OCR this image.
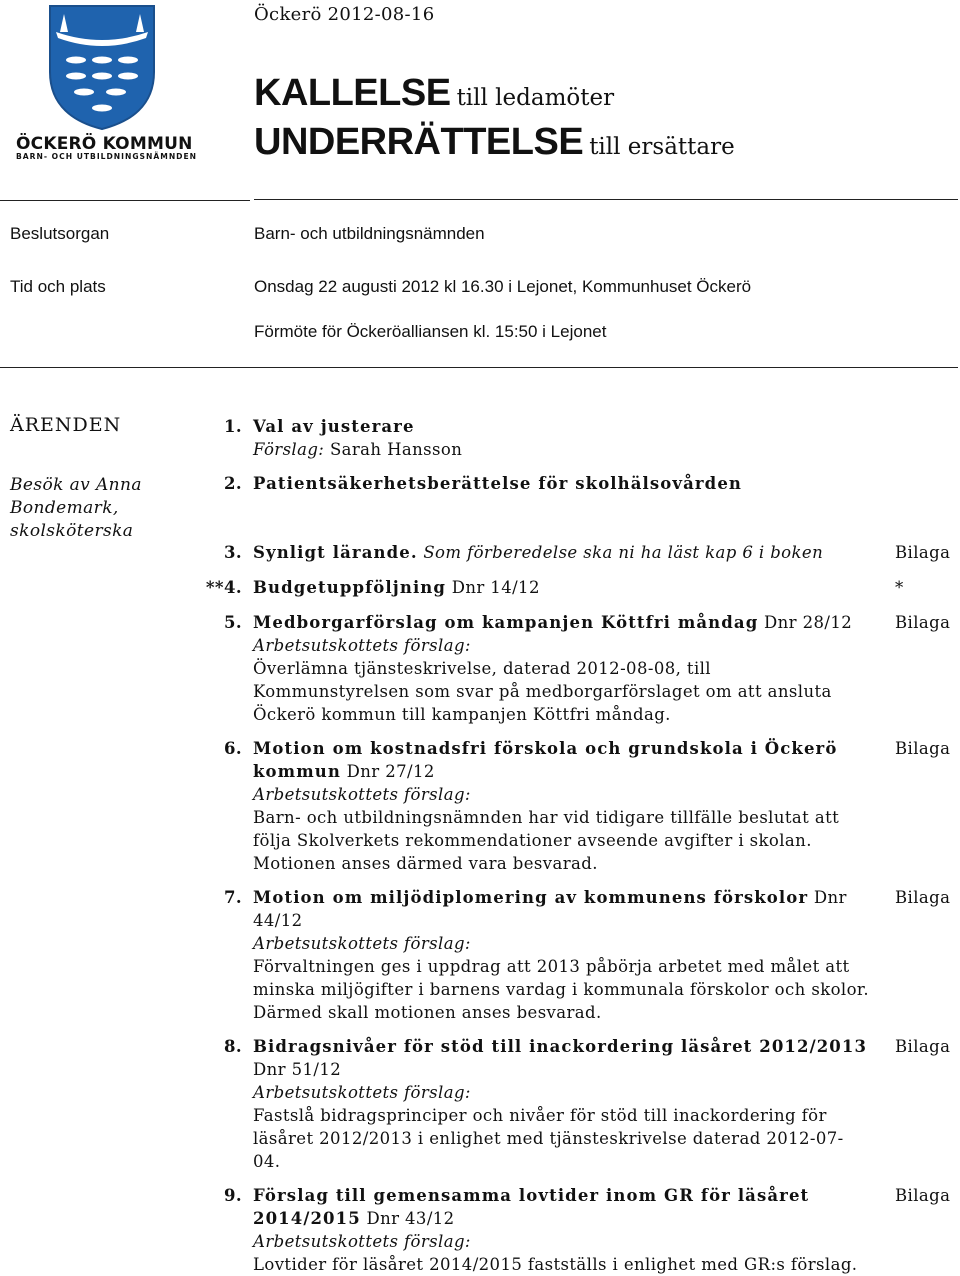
ÖCKERÖ KOMMUN
BARN- OCH UTBILDNINGSNÄMNDEN
Öckerö 2012-08-16
KALLELSE till ledamöter
UNDERRÄTTELSE till ersättare
Beslutsorgan	Barn- och utbildningsnämnden
Tid och plats	Onsdag 22 augusti 2012 kl 16.30 i Lejonet, Kommunhuset Öckerö
Förmöte för Öckeröalliansen kl. 15:50 i Lejonet
ÄRENDEN
Besök av Anna Bondemark, skolsköterska
1. Val av justerare
Förslag: Sarah Hansson
2. Patientsäkerhetsberättelse för skolhälsovården
3. Synligt lärande. Som förberedelse ska ni ha läst kap 6 i boken	Bilaga
**4. Budgetuppföljning Dnr 14/12	*
5. Medborgarförslag om kampanjen Köttfri måndag Dnr 28/12
Arbetsutskottets förslag:
Överlämna tjänsteskrivelse, daterad 2012-08-08, till
Kommunstyrelsen som svar på medborgarförslaget om att ansluta
Öckerö kommun till kampanjen Köttfri måndag.
Bilaga
6. Motion om kostnadsfri förskola och grundskola i Öckerö
kommun Dnr 27/12
Arbetsutskottets förslag:
Barn- och utbildningsnämnden har vid tidigare tillfälle beslutat att
följa Skolverkets rekommendationer avseende avgifter i skolan.
Motionen anses därmed vara besvarad.
Bilaga
7. Motion om miljödiplomering av kommunens förskolor Dnr
44/12
Arbetsutskottets förslag:
Förvaltningen ges i uppdrag att 2013 påbörja arbetet med målet att
minska miljögifter i barnens vardag i kommunala förskolor och skolor.
Därmed skall motionen anses besvarad.
Bilaga
8. Bidragsnivåer för stöd till inackordering läsåret 2012/2013
Dnr 51/12
Arbetsutskottets förslag:
Fastslå bidragsprinciper och nivåer för stöd till inackordering för
läsåret 2012/2013 i enlighet med tjänsteskrivelse daterad 2012-07-
04.
Bilaga
9. Förslag till gemensamma lovtider inom GR för läsåret
2014/2015 Dnr 43/12
Arbetsutskottets förslag:
Lovtider för läsåret 2014/2015 fastställs i enlighet med GR:s förslag.
Bilaga
